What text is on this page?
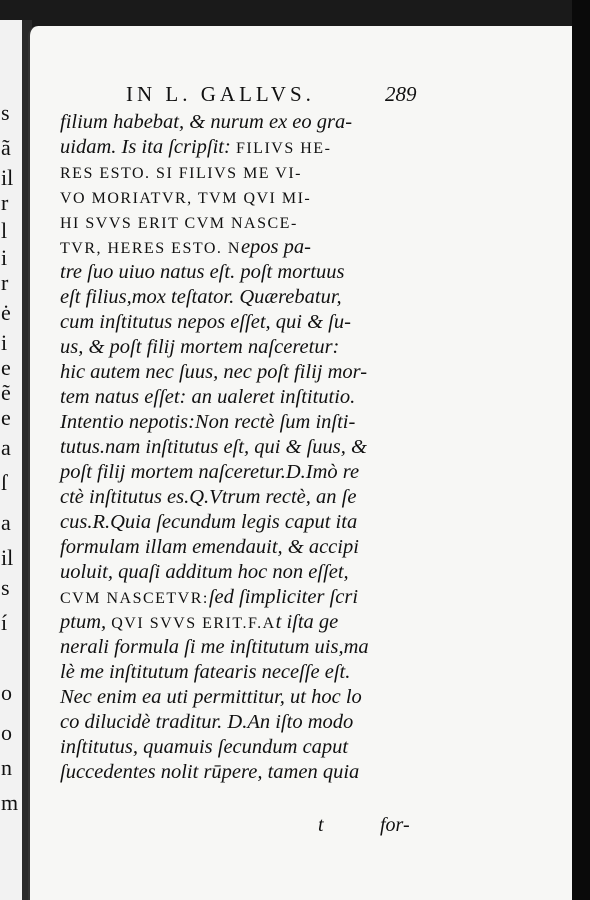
s
ã
il
r
l
i
r
ė
i
e
ẽ
e
a
ſ
a
il
s
í
o
o
n
m
IN L. GALLVS.	289
filium habebat, & nurum ex eo gra-
uidam. Is ita ſcripſit: FILIVS HE-
RES ESTO. SI FILIVS ME VI-
VO MORIATVR, TVM QVI MI-
HI SVVS ERIT CVM NASCE-
TVR, HERES ESTO. Nepos pa-
tre ſuo uiuo natus eſt. poſt mortuus
eſt filius,mox teſtator. Quærebatur,
cum inſtitutus nepos eſſet, qui & ſu-
us, & poſt filij mortem naſceretur:
hic autem nec ſuus, nec poſt filij mor-
tem natus eſſet: an ualeret inſtitutio.
Intentio nepotis:Non rectè ſum inſti-
tutus.nam inſtitutus eſt, qui & ſuus, &
poſt filij mortem naſceretur.D.Imò re
ctè inſtitutus es.Q.Vtrum rectè, an ſe
cus.R.Quia ſecundum legis caput ita
formulam illam emendauit, & accipi
uoluit, quaſi additum hoc non eſſet,
CVM NASCETVR:ſed ſimpliciter ſcri
ptum, QVI SVVS ERIT.F.At iſta ge
nerali formula ſi me inſtitutum uis,ma
lè me inſtitutum fatearis neceſſe eſt.
Nec enim ea uti permittitur, ut hoc lo
co dilucidè traditur. D.An iſto modo
inſtitutus, quamuis ſecundum caput
ſuccedentes nolit rūpere, tamen quia
t	for-
